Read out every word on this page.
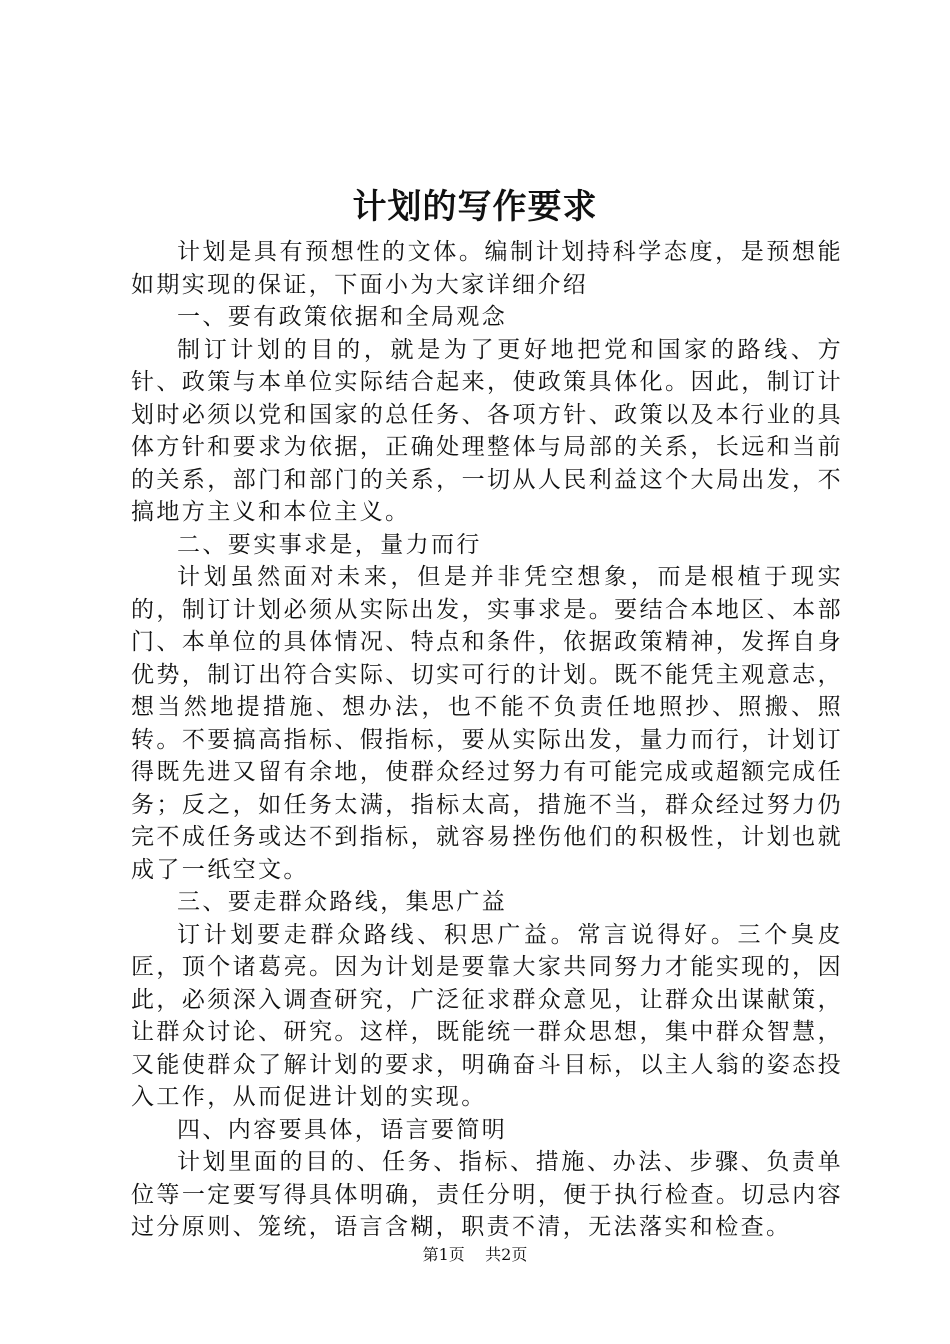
计划的写作要求

计划是具有预想性的文体。编制计划持科学态度，是预想能如期实现的保证，下面小为大家详细介绍

一、要有政策依据和全局观念

制订计划的目的，就是为了更好地把党和国家的路线、方针、政策与本单位实际结合起来，使政策具体化。因此，制订计划时必须以党和国家的总任务、各项方针、政策以及本行业的具体方针和要求为依据，正确处理整体与局部的关系，长远和当前的关系，部门和部门的关系，一切从人民利益这个大局出发，不搞地方主义和本位主义。

二、要实事求是，量力而行

计划虽然面对未来，但是并非凭空想象，而是根植于现实的，制订计划必须从实际出发，实事求是。要结合本地区、本部门、本单位的具体情况、特点和条件，依据政策精神，发挥自身优势，制订出符合实际、切实可行的计划。既不能凭主观意志，想当然地提措施、想办法，也不能不负责任地照抄、照搬、照转。不要搞高指标、假指标，要从实际出发，量力而行，计划订得既先进又留有余地，使群众经过努力有可能完成或超额完成任务；反之，如任务太满，指标太高，措施不当，群众经过努力仍完不成任务或达不到指标，就容易挫伤他们的积极性，计划也就成了一纸空文。

三、要走群众路线，集思广益

订计划要走群众路线、积思广益。常言说得好。三个臭皮匠，顶个诸葛亮。因为计划是要靠大家共同努力才能实现的，因此，必须深入调查研究，广泛征求群众意见，让群众出谋献策，让群众讨论、研究。这样，既能统一群众思想，集中群众智慧，又能使群众了解计划的要求，明确奋斗目标，以主人翁的姿态投入工作，从而促进计划的实现。

四、内容要具体，语言要简明

计划里面的目的、任务、指标、措施、办法、步骤、负责单位等一定要写得具体明确，责任分明，便于执行检查。切忌内容过分原则、笼统，语言含糊，职责不清，无法落实和检查。

第1页 共2页
